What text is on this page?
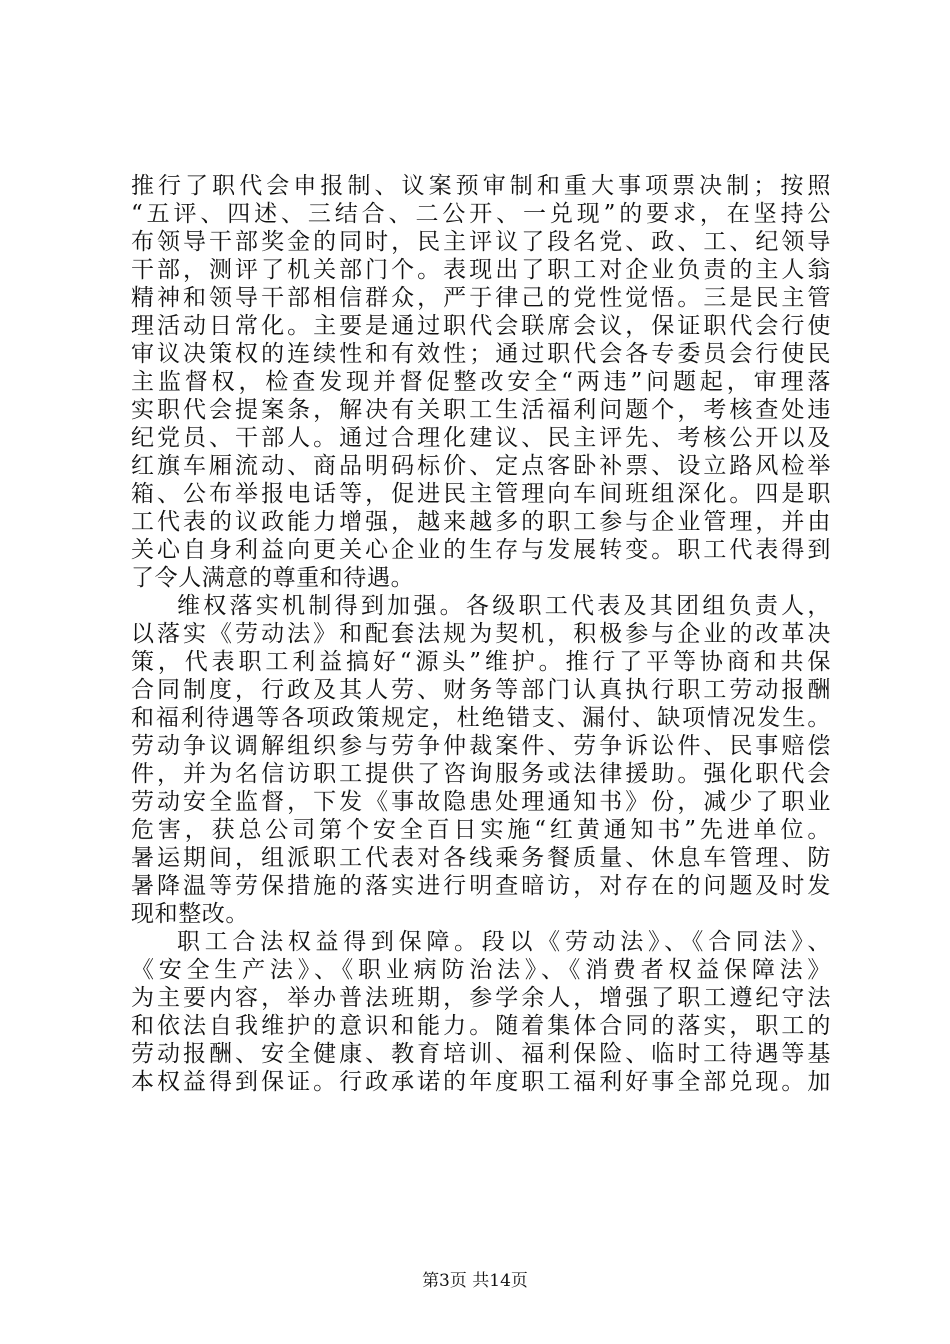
推行了职代会申报制、议案预审制和重大事项票决制；按照
“五评、四述、三结合、二公开、一兑现”的要求，在坚持公
布领导干部奖金的同时，民主评议了段名党、政、工、纪领导
干部，测评了机关部门个。表现出了职工对企业负责的主人翁
精神和领导干部相信群众，严于律己的党性觉悟。三是民主管
理活动日常化。主要是通过职代会联席会议，保证职代会行使
审议决策权的连续性和有效性；通过职代会各专委员会行使民
主监督权，检查发现并督促整改安全“两违”问题起，审理落
实职代会提案条，解决有关职工生活福利问题个，考核查处违
纪党员、干部人。通过合理化建议、民主评先、考核公开以及
红旗车厢流动、商品明码标价、定点客卧补票、设立路风检举
箱、公布举报电话等，促进民主管理向车间班组深化。四是职
工代表的议政能力增强，越来越多的职工参与企业管理，并由
关心自身利益向更关心企业的生存与发展转变。职工代表得到
了令人满意的尊重和待遇。
维权落实机制得到加强。各级职工代表及其团组负责人，
以落实《劳动法》和配套法规为契机，积极参与企业的改革决
策，代表职工利益搞好“源头”维护。推行了平等协商和共保
合同制度，行政及其人劳、财务等部门认真执行职工劳动报酬
和福利待遇等各项政策规定，杜绝错支、漏付、缺项情况发生。
劳动争议调解组织参与劳争仲裁案件、劳争诉讼件、民事赔偿
件，并为名信访职工提供了咨询服务或法律援助。强化职代会
劳动安全监督，下发《事故隐患处理通知书》份，减少了职业
危害，获总公司第个安全百日实施“红黄通知书”先进单位。
暑运期间，组派职工代表对各线乘务餐质量、休息车管理、防
暑降温等劳保措施的落实进行明查暗访，对存在的问题及时发
现和整改。
职工合法权益得到保障。段以《劳动法》、《合同法》、
《安全生产法》、《职业病防治法》、《消费者权益保障法》
为主要内容，举办普法班期，参学余人，增强了职工遵纪守法
和依法自我维护的意识和能力。随着集体合同的落实，职工的
劳动报酬、安全健康、教育培训、福利保险、临时工待遇等基
本权益得到保证。行政承诺的年度职工福利好事全部兑现。加
第3页 共14页
